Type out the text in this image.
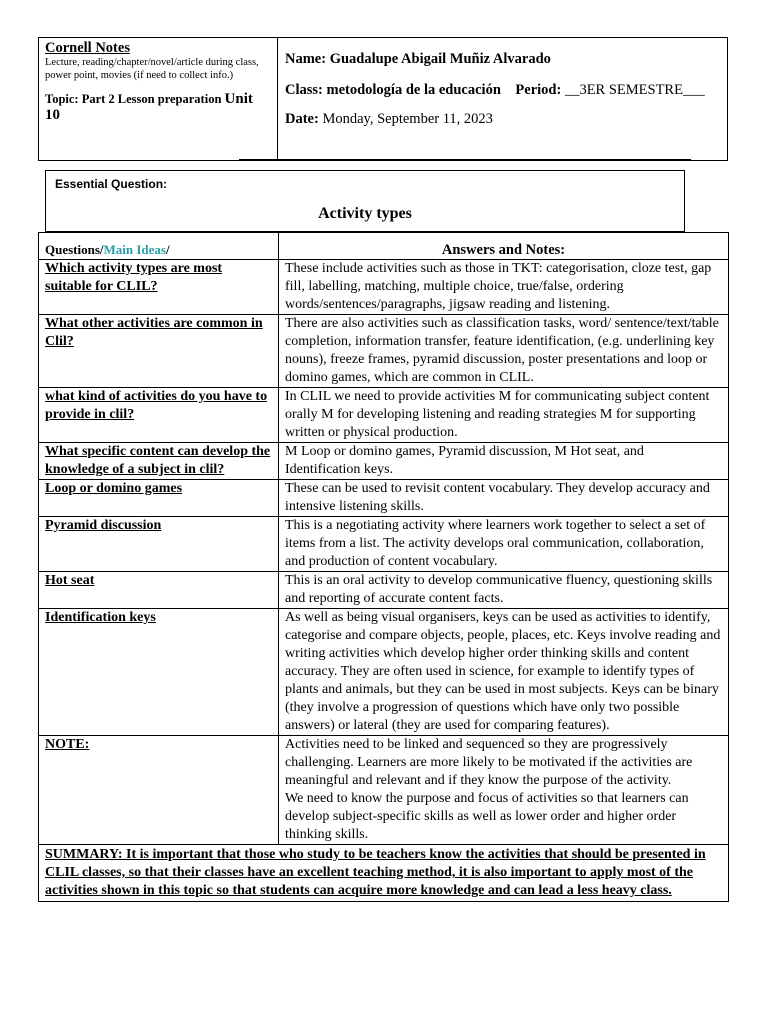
Cornell Notes
Lecture, reading/chapter/novel/article during class, power point, movies (if need to collect info.)
Topic: Part 2 Lesson preparation Unit 10
Name: Guadalupe Abigail Muñiz Alvarado
Class: metodología de la educación Period: __3ER SEMESTRE___
Date: Monday, September 11, 2023
Essential Question:
Activity types
Questions/Main Ideas/	Answers and Notes:
Which activity types are most suitable for CLIL?	These include activities such as those in TKT: categorisation, cloze test, gap fill, labelling, matching, multiple choice, true/false, ordering words/sentences/paragraphs, jigsaw reading and listening.

What other activities are common in Clil?	There are also activities such as classification tasks, word/ sentence/text/table completion, information transfer, feature identification, (e.g. underlining key nouns), freeze frames, pyramid discussion, poster presentations and loop or domino games, which are common in CLIL.

what kind of activities do you have to provide in clil?	In CLIL we need to provide activities M for communicating subject content orally M for developing listening and reading strategies M for supporting written or physical production.

What specific content can develop the knowledge of a subject in clil?	M Loop or domino games, Pyramid discussion, M Hot seat, and Identification keys.

Loop or domino games	These can be used to revisit content vocabulary. They develop accuracy and intensive listening skills.

Pyramid discussion	This is a negotiating activity where learners work together to select a set of items from a list. The activity develops oral communication, collaboration, and production of content vocabulary.

Hot seat	This is an oral activity to develop communicative fluency, questioning skills and reporting of accurate content facts.

Identification keys	As well as being visual organisers, keys can be used as activities to identify, categorise and compare objects, people, places, etc. Keys involve reading and writing activities which develop higher order thinking skills and content accuracy. They are often used in science, for example to identify types of plants and animals, but they can be used in most subjects. Keys can be binary (they involve a progression of questions which have only two possible answers) or lateral (they are used for comparing features).

NOTE:	Activities need to be linked and sequenced so they are progressively challenging. Learners are more likely to be motivated if the activities are meaningful and relevant and if they know the purpose of the activity.

We need to know the purpose and focus of activities so that learners can develop subject-specific skills as well as lower order and higher order thinking skills.

SUMMARY: It is important that those who study to be teachers know the activities that should be presented in CLIL classes, so that their classes have an excellent teaching method, it is also important to apply most of the activities shown in this topic so that students can acquire more knowledge and can lead a less heavy class.	
